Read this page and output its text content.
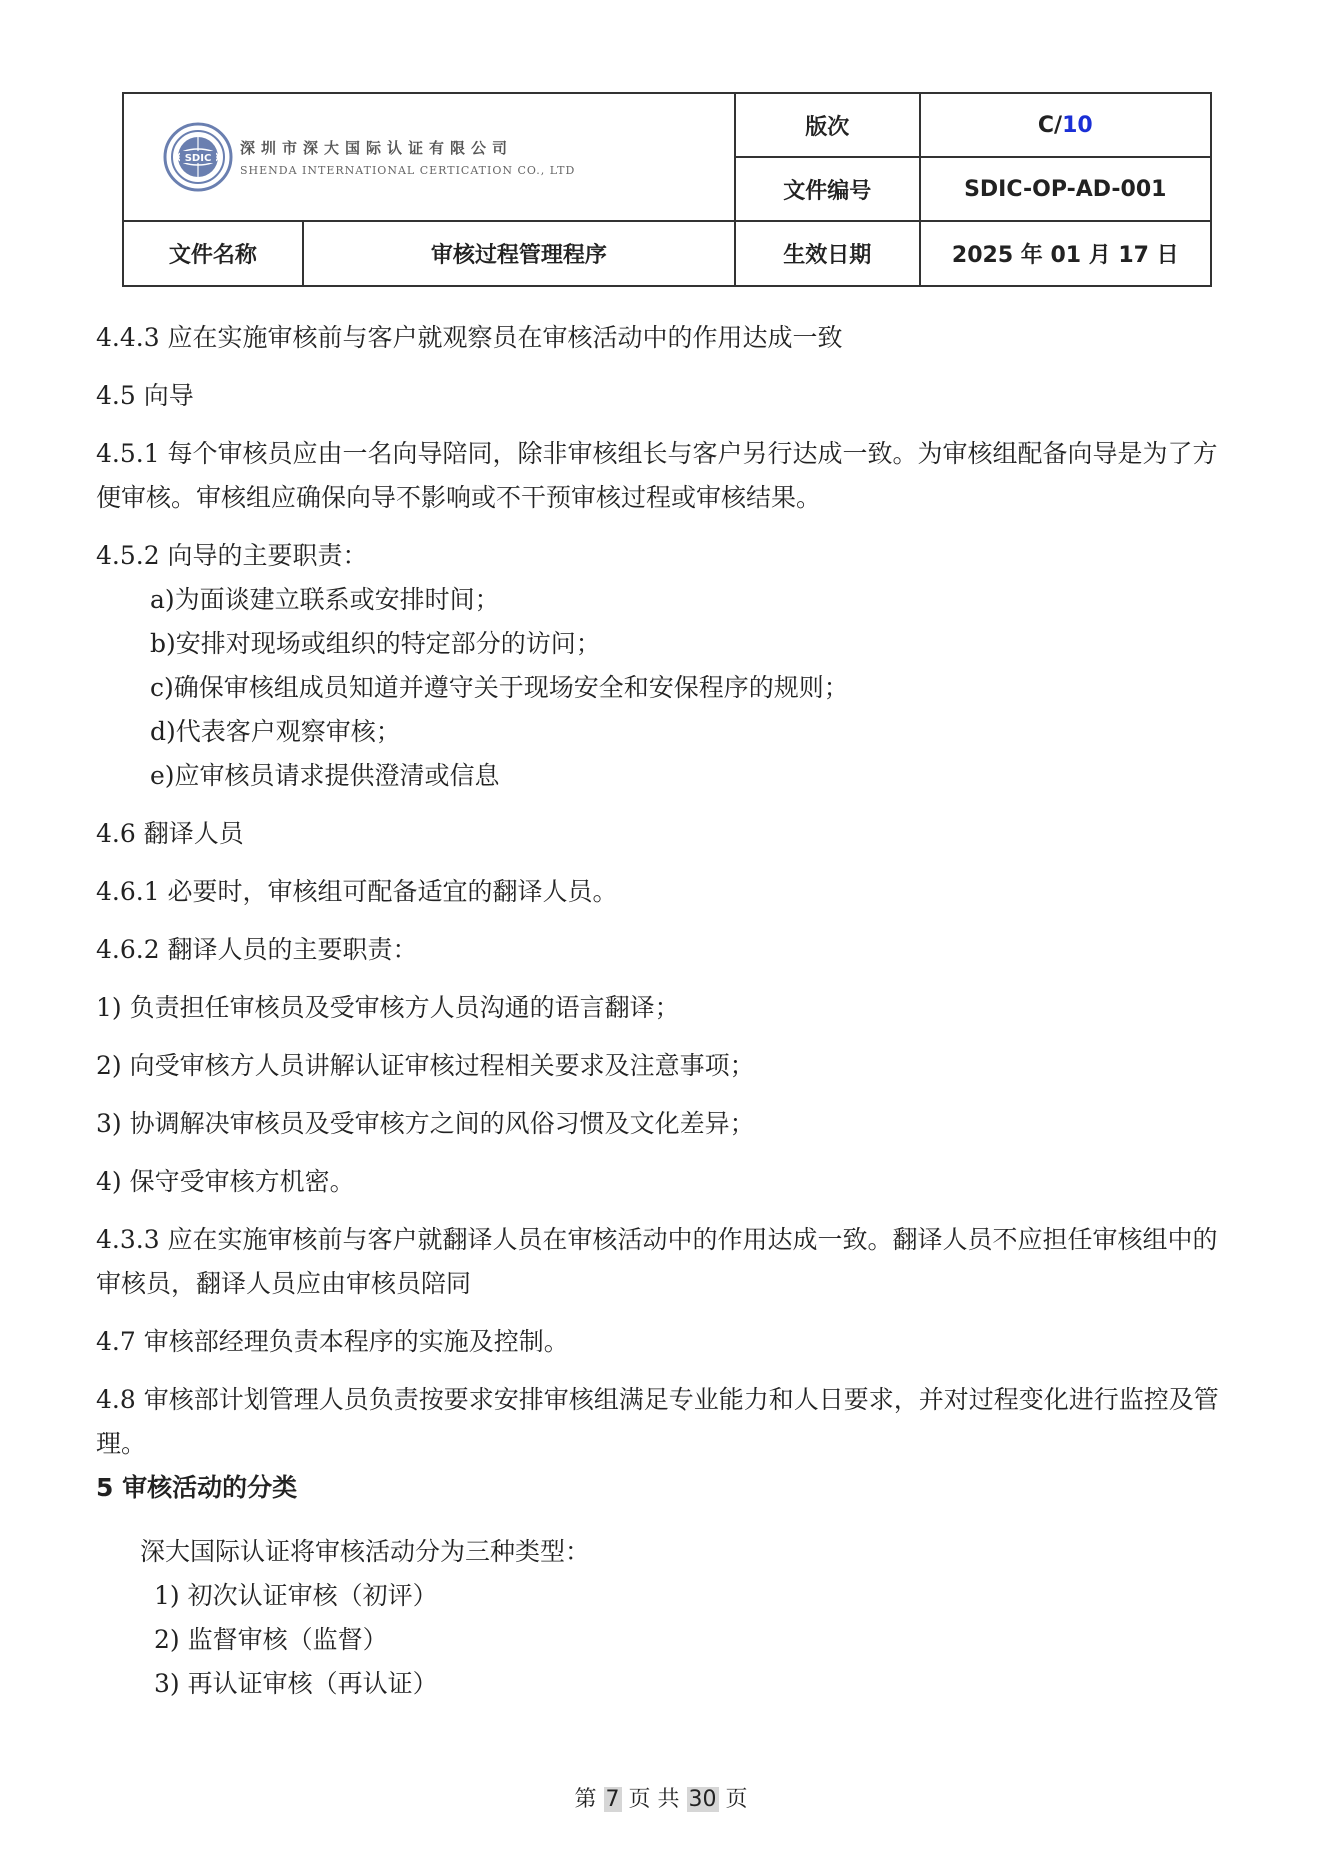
SDIC
深圳市深大国际认证有限公司
SHENDA INTERNATIONAL CERTICATION CO., LTD		版次	C/10
		文件编号	SDIC-OP-AD-001
文件名称	审核过程管理程序	生效日期	2025 年 01 月 17 日

4.4.3 应在实施审核前与客户就观察员在审核活动中的作用达成一致

4.5 向导

4.5.1 每个审核员应由一名向导陪同，除非审核组长与客户另行达成一致。为审核组配备向导是为了方便审核。审核组应确保向导不影响或不干预审核过程或审核结果。

4.5.2 向导的主要职责：

a)为面谈建立联系或安排时间；

b)安排对现场或组织的特定部分的访问；

c)确保审核组成员知道并遵守关于现场安全和安保程序的规则；

d)代表客户观察审核；

e)应审核员请求提供澄清或信息

4.6 翻译人员

4.6.1 必要时，审核组可配备适宜的翻译人员。

4.6.2 翻译人员的主要职责：

1) 负责担任审核员及受审核方人员沟通的语言翻译；

2) 向受审核方人员讲解认证审核过程相关要求及注意事项；

3) 协调解决审核员及受审核方之间的风俗习惯及文化差异；

4) 保守受审核方机密。

4.3.3 应在实施审核前与客户就翻译人员在审核活动中的作用达成一致。翻译人员不应担任审核组中的审核员，翻译人员应由审核员陪同

4.7 审核部经理负责本程序的实施及控制。

4.8 审核部计划管理人员负责按要求安排审核组满足专业能力和人日要求，并对过程变化进行监控及管理。

5 审核活动的分类

深大国际认证将审核活动分为三种类型：

1) 初次认证审核（初评）

2) 监督审核（监督）

3) 再认证审核（再认证）

第 7 页 共 30 页
